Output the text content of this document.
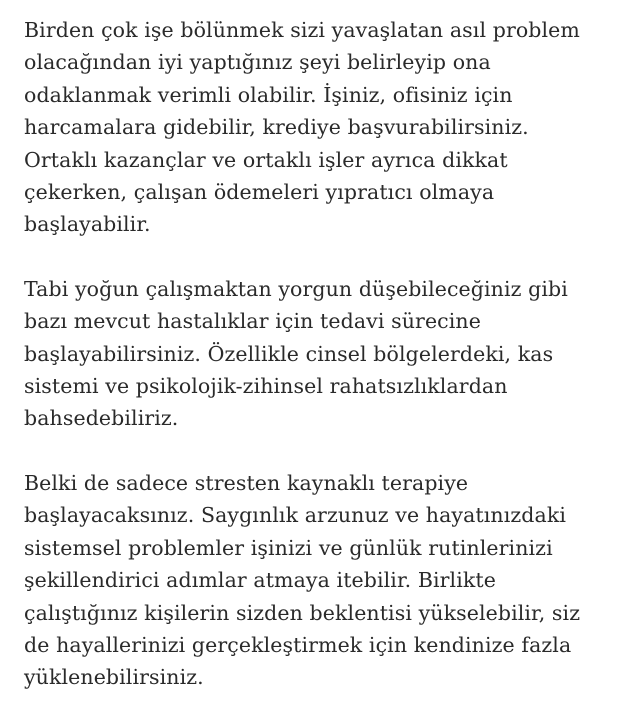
Birden çok işe bölünmek sizi yavaşlatan asıl problem
olacağından iyi yaptığınız şeyi belirleyip ona
odaklanmak verimli olabilir. İşiniz, ofisiniz için
harcamalara gidebilir, krediye başvurabilirsiniz.
Ortaklı kazançlar ve ortaklı işler ayrıca dikkat
çekerken, çalışan ödemeleri yıpratıcı olmaya
başlayabilir.

Tabi yoğun çalışmaktan yorgun düşebileceğiniz gibi
bazı mevcut hastalıklar için tedavi sürecine
başlayabilirsiniz. Özellikle cinsel bölgelerdeki, kas
sistemi ve psikolojik-zihinsel rahatsızlıklardan
bahsedebiliriz.

Belki de sadece stresten kaynaklı terapiye
başlayacaksınız. Saygınlık arzunuz ve hayatınızdaki
sistemsel problemler işinizi ve günlük rutinlerinizi
şekillendirici adımlar atmaya itebilir. Birlikte
çalıştığınız kişilerin sizden beklentisi yükselebilir, siz
de hayallerinizi gerçekleştirmek için kendinize fazla
yüklenebilirsiniz.
